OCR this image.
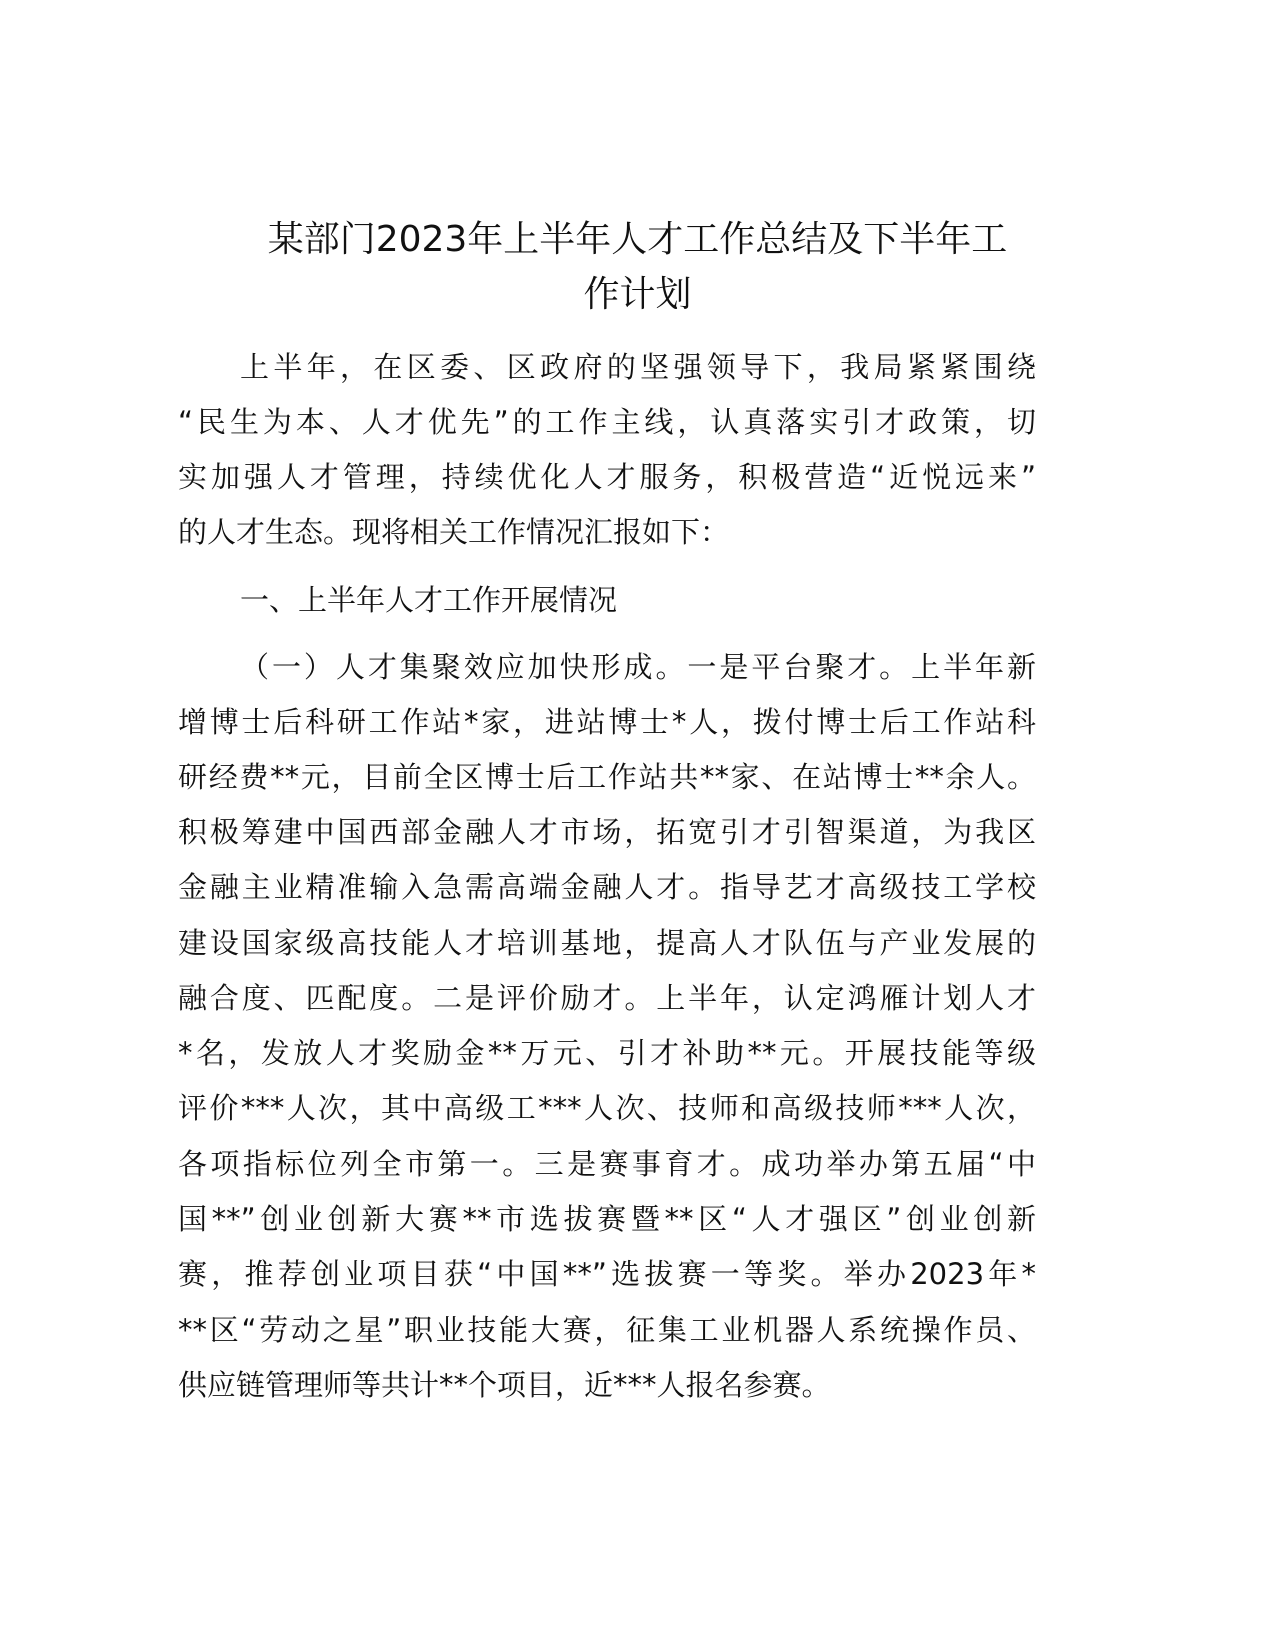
某部门2023年上半年人才工作总结及下半年工
作计划
上半年，在区委、区政府的坚强领导下，我局紧紧围绕
“民生为本、人才优先”的工作主线，认真落实引才政策，切
实加强人才管理，持续优化人才服务，积极营造“近悦远来”
的人才生态。现将相关工作情况汇报如下：
一、上半年人才工作开展情况
（一）人才集聚效应加快形成。一是平台聚才。上半年新
增博士后科研工作站*家，进站博士*人，拨付博士后工作站科
研经费**元，目前全区博士后工作站共**家、在站博士**余人。
积极筹建中国西部金融人才市场，拓宽引才引智渠道，为我区
金融主业精准输入急需高端金融人才。指导艺才高级技工学校
建设国家级高技能人才培训基地，提高人才队伍与产业发展的
融合度、匹配度。二是评价励才。上半年，认定鸿雁计划人才
*名，发放人才奖励金**万元、引才补助**元。开展技能等级
评价***人次，其中高级工***人次、技师和高级技师***人次，
各项指标位列全市第一。三是赛事育才。成功举办第五届“中
国**”创业创新大赛**市选拔赛暨**区“人才强区”创业创新
赛，推荐创业项目获“中国**”选拔赛一等奖。举办2023年*
**区“劳动之星”职业技能大赛，征集工业机器人系统操作员、
供应链管理师等共计**个项目，近***人报名参赛。
